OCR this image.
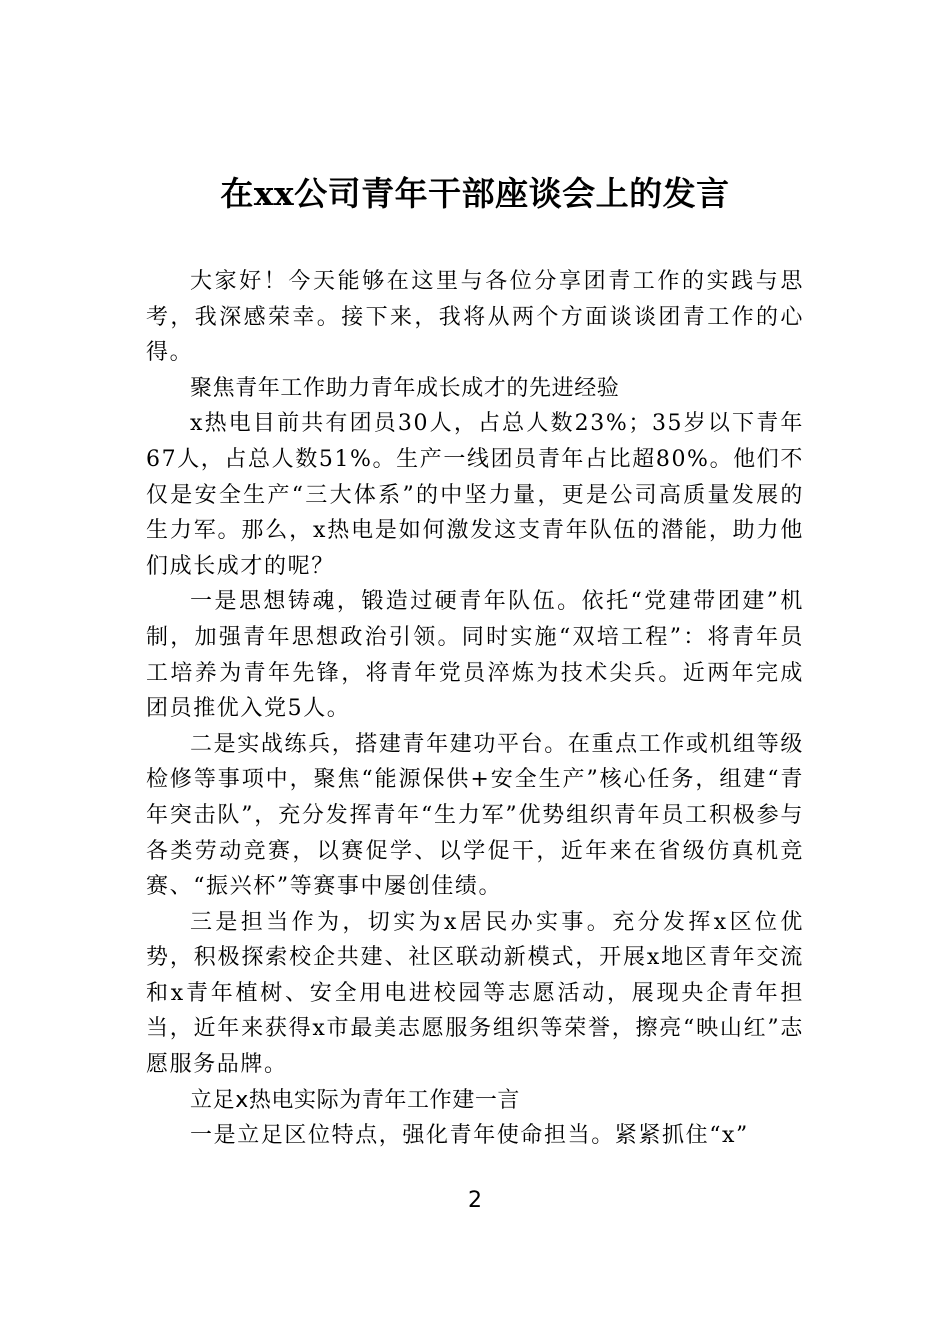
在xx公司青年干部座谈会上的发言

大家好！今天能够在这里与各位分享团青工作的实践与思考，我深感荣幸。接下来，我将从两个方面谈谈团青工作的心得。

聚焦青年工作助力青年成长成才的先进经验

x热电目前共有团员30人，占总人数23%；35岁以下青年67人，占总人数51%。生产一线团员青年占比超80%。他们不仅是安全生产“三大体系”的中坚力量，更是公司高质量发展的生力军。那么，x热电是如何激发这支青年队伍的潜能，助力他们成长成才的呢？

一是思想铸魂，锻造过硬青年队伍。依托“党建带团建”机制，加强青年思想政治引领。同时实施“双培工程”：将青年员工培养为青年先锋，将青年党员淬炼为技术尖兵。近两年完成团员推优入党5人。

二是实战练兵，搭建青年建功平台。在重点工作或机组等级检修等事项中，聚焦“能源保供+安全生产”核心任务，组建“青年突击队”，充分发挥青年“生力军”优势组织青年员工积极参与各类劳动竞赛，以赛促学、以学促干，近年来在省级仿真机竞赛、“振兴杯”等赛事中屡创佳绩。

三是担当作为，切实为x居民办实事。充分发挥x区位优势，积极探索校企共建、社区联动新模式，开展x地区青年交流和x青年植树、安全用电进校园等志愿活动，展现央企青年担当，近年来获得x市最美志愿服务组织等荣誉，擦亮“映山红”志愿服务品牌。

立足x热电实际为青年工作建一言

一是立足区位特点，强化青年使命担当。紧紧抓住“x”

2
